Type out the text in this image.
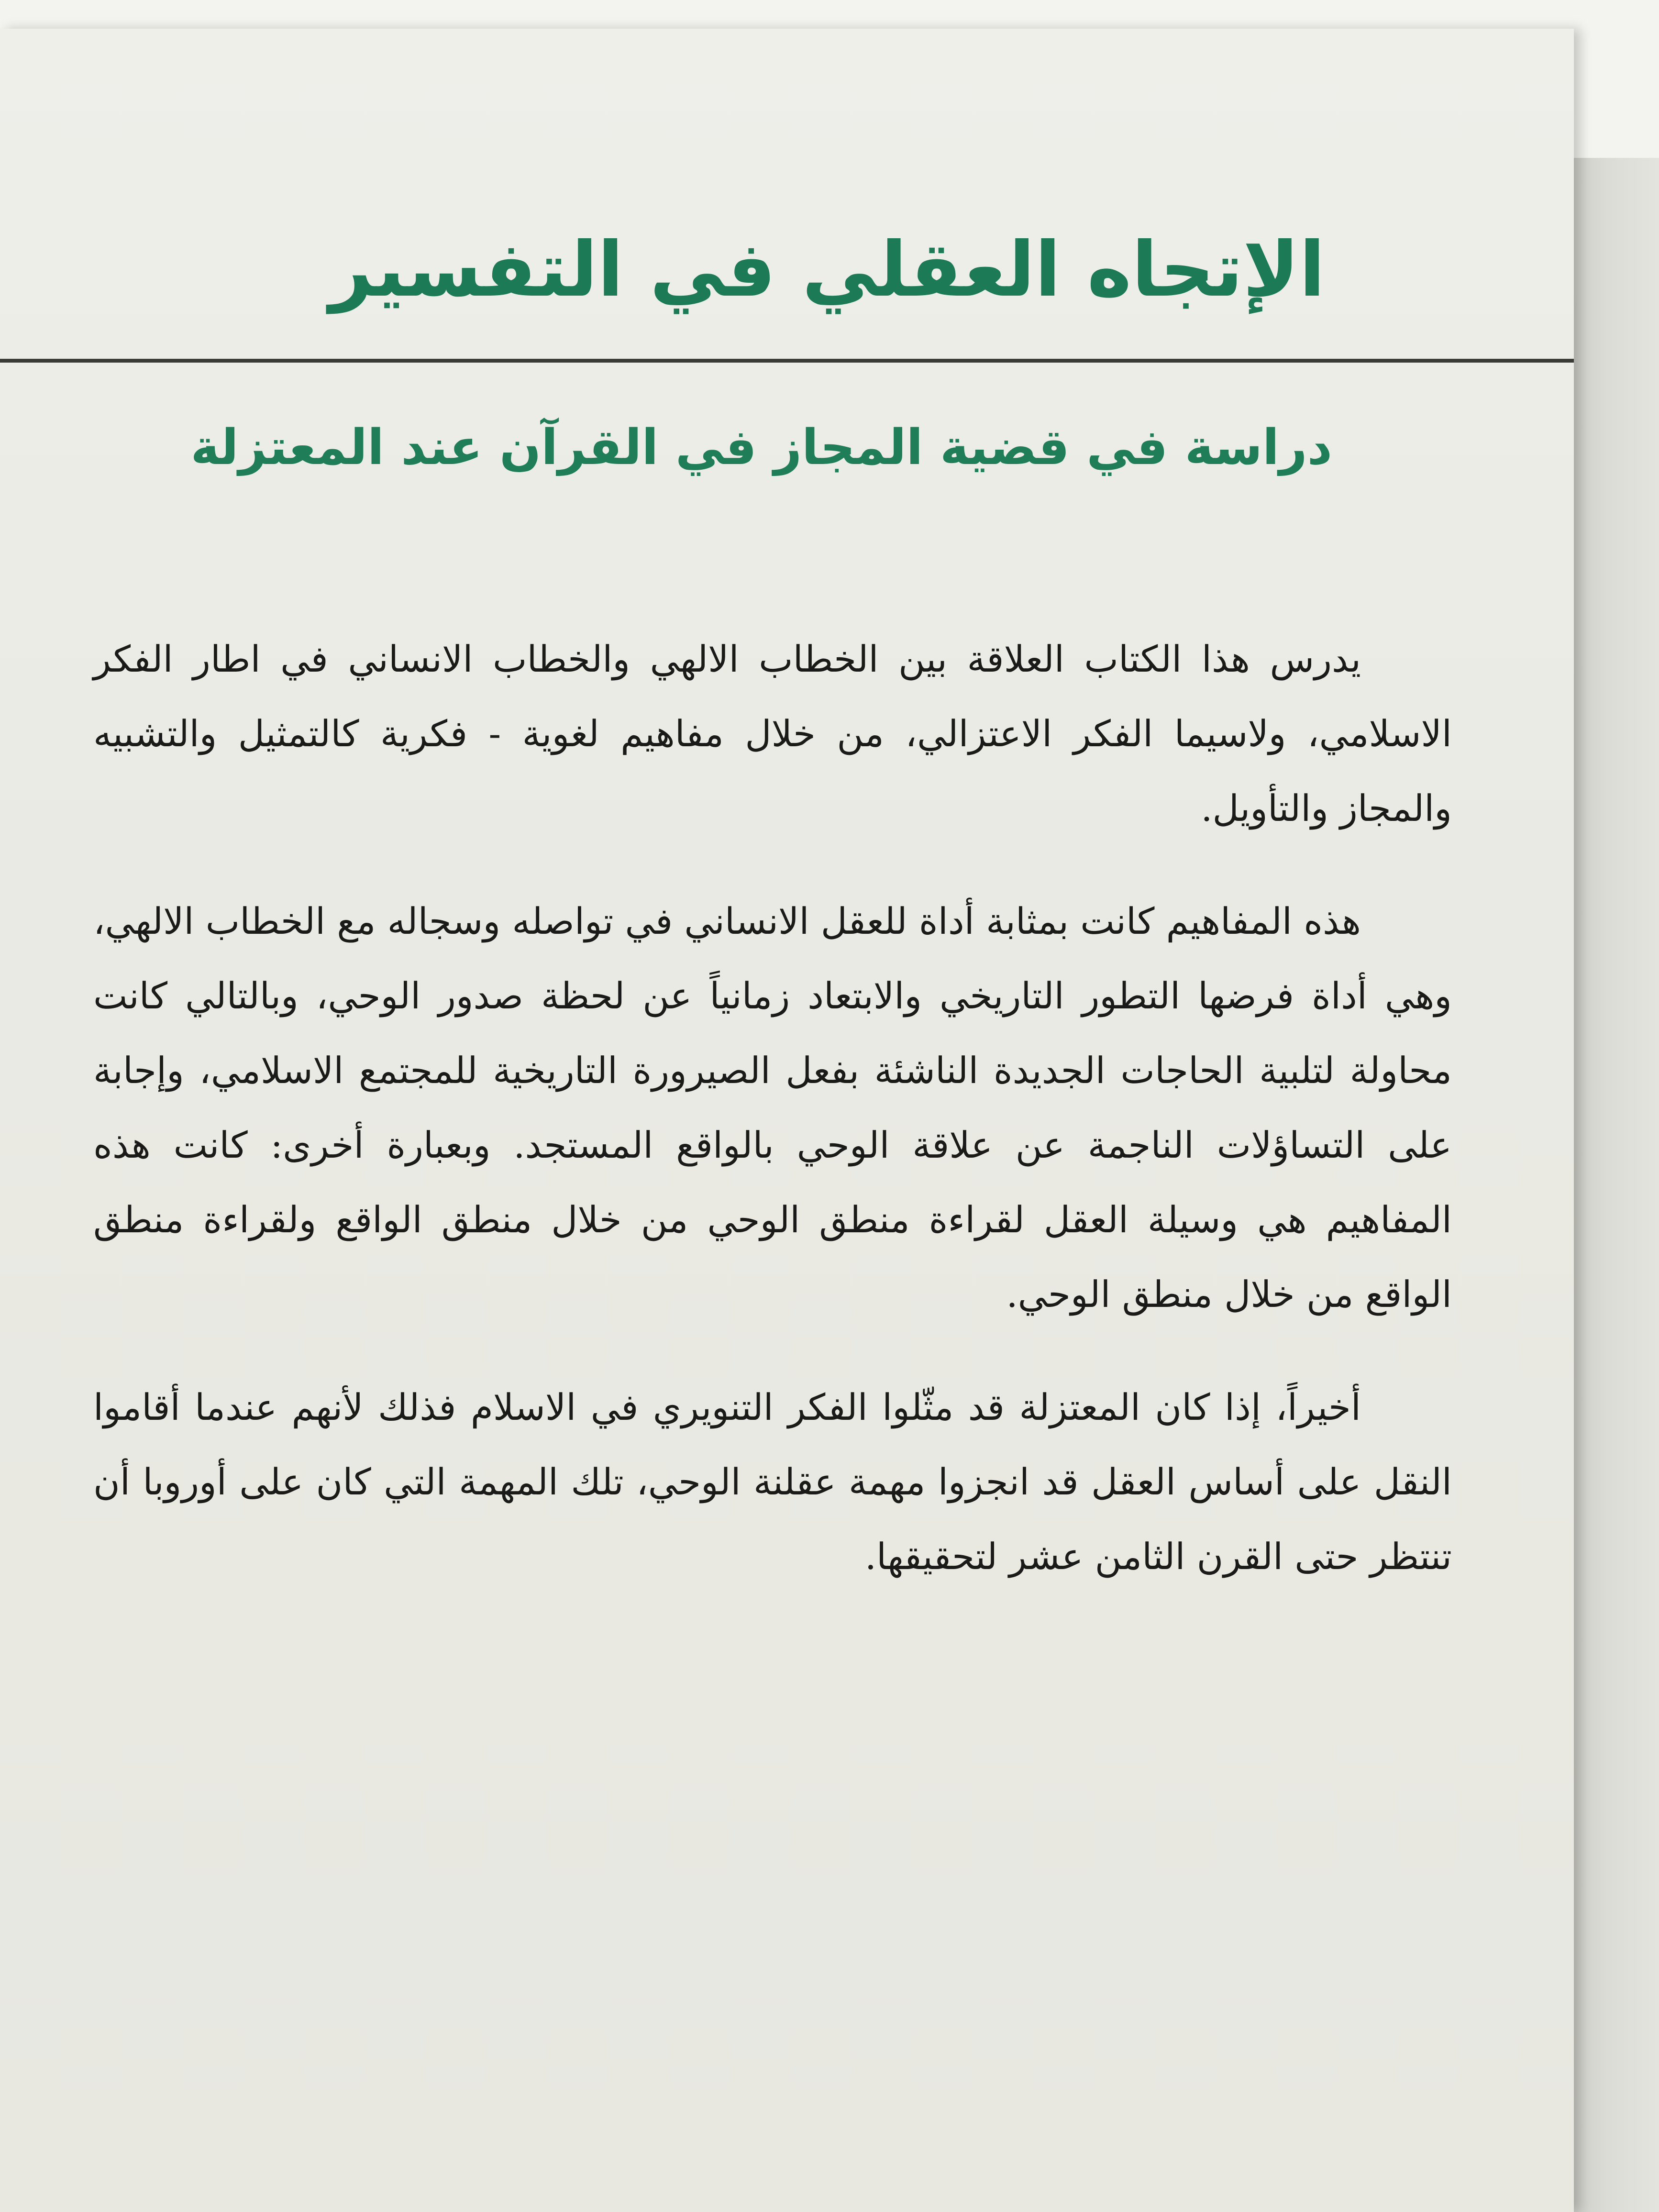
الإتجاه العقلي في التفسير
دراسة في قضية المجاز في القرآن عند المعتزلة

يدرس هذا الكتاب العلاقة بين الخطاب الالهي والخطاب الانساني في اطار الفكر الاسلامي، ولاسيما الفكر الاعتزالي، من خلال مفاهيم لغوية - فكرية كالتمثيل والتشبيه والمجاز والتأويل.

هذه المفاهيم كانت بمثابة أداة للعقل الانساني في تواصله وسجاله مع الخطاب الالهي، وهي أداة فرضها التطور التاريخي والابتعاد زمانياً عن لحظة صدور الوحي، وبالتالي كانت محاولة لتلبية الحاجات الجديدة الناشئة بفعل الصيرورة التاريخية للمجتمع الاسلامي، وإجابة على التساؤلات الناجمة عن علاقة الوحي بالواقع المستجد. وبعبارة أخرى: كانت هذه المفاهيم هي وسيلة العقل لقراءة منطق الوحي من خلال منطق الواقع ولقراءة منطق الواقع من خلال منطق الوحي.

أخيراً، إذا كان المعتزلة قد مثّلوا الفكر التنويري في الاسلام فذلك لأنهم عندما أقاموا النقل على أساس العقل قد انجزوا مهمة عقلنة الوحي، تلك المهمة التي كان على أوروبا أن تنتظر حتى القرن الثامن عشر لتحقيقها.
